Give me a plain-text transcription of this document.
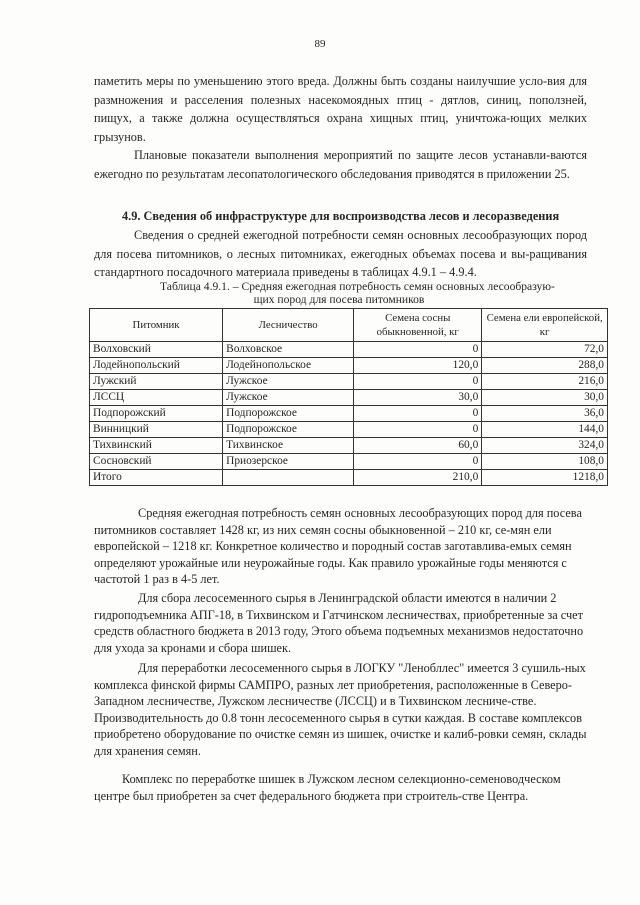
89

паметить меры по уменьшению этого вреда. Должны быть созданы наилучшие усло-вия для размножения и расселения полезных насекомоядных птиц - дятлов, синиц, поползней, пищух, а также должна осуществляться охрана хищных птиц, уничтожа-ющих мелких грызунов.

Плановые показатели выполнения мероприятий по защите лесов устанавли-ваются ежегодно по результатам лесопатологического обследования приводятся в приложении 25.

4.9. Сведения об инфраструктуре для воспроизводства лесов и лесоразведения

Сведения о средней ежегодной потребности семян основных лесообразующих пород для посева питомников, о лесных питомниках, ежегодных объемах посева и вы-ращивания стандартного посадочного материала приведены в таблицах 4.9.1 – 4.9.4.

Таблица 4.9.1. – Средняя ежегодная потребность семян основных лесообразую-
щих пород для посева питомников
Питомник	Лесничество	Семена сосны обыкновенной, кг	Семена ели европейской, кг
Волховский	Волховское	0	72,0
Лодейнопольский	Лодейнопольское	120,0	288,0
Лужский	Лужское	0	216,0
ЛССЦ	Лужское	30,0	30,0
Подпорожский	Подпорожское	0	36,0
Винницкий	Подпорожское	0	144,0
Тихвинский	Тихвинское	60,0	324,0
Сосновский	Приозерское	0	108,0
Итого		210,0	1218,0

Средняя ежегодная потребность семян основных лесообразующих пород для посева питомников составляет 1428 кг, из них семян сосны обыкновенной – 210 кг, се-мян ели европейской – 1218 кг. Конкретное количество и породный состав заготавлива-емых семян определяют урожайные или неурожайные годы. Как правило урожайные годы меняются с частотой 1 раз в 4-5 лет.

Для сбора лесосеменного сырья в Ленинградской области имеются в наличии 2 гидроподъемника АПГ-18, в Тихвинском и Гатчинском лесничествах, приобретенные за счет средств областного бюджета в 2013 году, Этого объема подъемных механизмов недостаточно для ухода за кронами и сбора шишек.

Для переработки лесосеменного сырья в ЛОГКУ "Ленобллес" имеется 3 сушиль-ных комплекса финской фирмы САМПРО, разных лет приобретения, расположенные в Северо-Западном лесничестве, Лужском лесничестве (ЛССЦ) и в Тихвинском лесниче-стве. Производительность до 0.8 тонн лесосеменного сырья в сутки каждая. В составе комплексов приобретено оборудование по очистке семян из шишек, очистке и калиб-ровки семян, склады для хранения семян.

Комплекс по переработке шишек в Лужском лесном селекционно-семеноводческом центре был приобретен за счет федерального бюджета при строитель-стве Центра.
